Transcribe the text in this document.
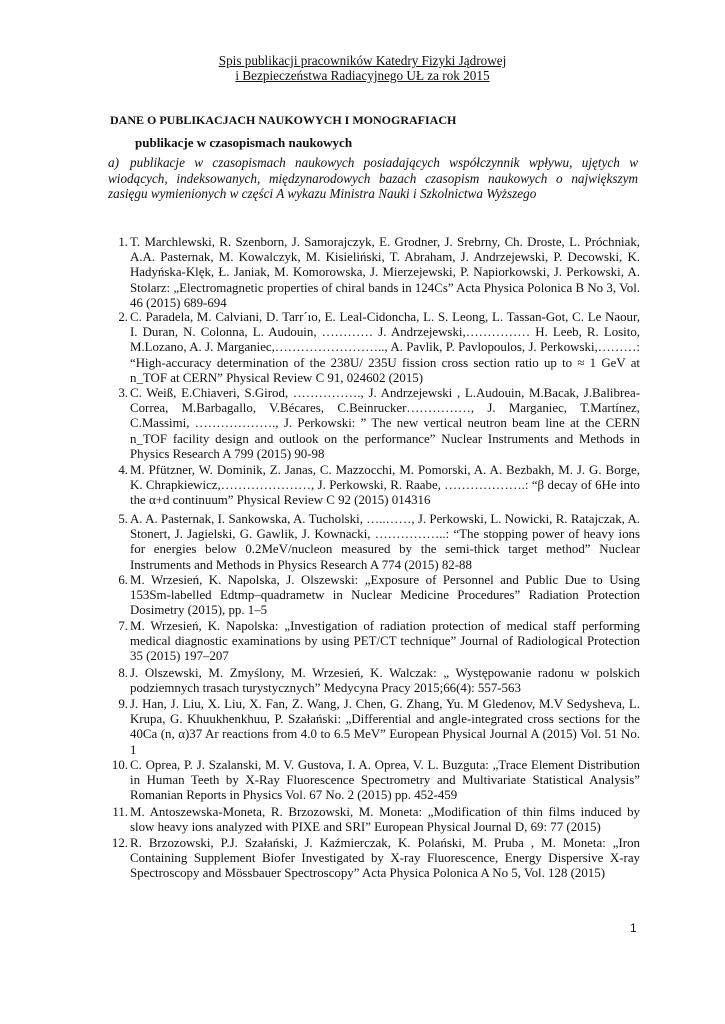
Spis publikacji pracowników Katedry Fizyki Jądrowej
i Bezpieczeństwa Radiacyjnego UŁ za rok 2015
DANE O PUBLIKACJACH NAUKOWYCH I MONOGRAFIACH
publikacje w czasopismach naukowych
a) publikacje w czasopismach naukowych posiadających współczynnik wpływu, ujętych w wiodących, indeksowanych, międzynarodowych bazach czasopism naukowych o największym zasięgu wymienionych w części A wykazu Ministra Nauki i Szkolnictwa Wyższego
1. T. Marchlewski, R. Szenborn, J. Samorajczyk, E. Grodner, J. Srebrny, Ch. Droste, L. Próchniak, A.A. Pasternak, M. Kowalczyk, M. Kisieliński, T. Abraham, J. Andrzejewski, P. Decowski, K. Hadyńska-Klęk, Ł. Janiak, M. Komorowska, J. Mierzejewski, P. Napiorkowski, J. Perkowski, A. Stolarz: „Electromagnetic properties of chiral bands in 124Cs” Acta Physica Polonica B No 3, Vol. 46 (2015) 689-694
2. C. Paradela, M. Calviani, D. Tarr´ıo, E. Leal-Cidoncha, L. S. Leong, L. Tassan-Got, C. Le Naour, I. Duran, N. Colonna, L. Audouin, ………… J. Andrzejewski,…………… H. Leeb, R. Losito, M.Lozano, A. J. Marganiec,…………………….., A. Pavlik, P. Pavlopoulos, J. Perkowski,………: “High-accuracy determination of the 238U/ 235U fission cross section ratio up to ≈ 1 GeV at n_TOF at CERN” Physical Review C 91, 024602 (2015)
3. C. Weiß, E.Chiaveri, S.Girod, ……………., J. Andrzejewski , L.Audouin, M.Bacak, J.Balibrea-Correa, M.Barbagallo, V.Bécares, C.Beinrucker……………, J. Marganiec, T.Martínez, C.Massimi, ………………., J. Perkowski: ” The new vertical neutron beam line at the CERN n_TOF facility design and outlook on the performance” Nuclear Instruments and Methods in Physics Research A 799 (2015) 90-98
4. M. Pfützner, W. Dominik, Z. Janas, C. Mazzocchi, M. Pomorski, A. A. Bezbakh, M. J. G. Borge, K. Chrapkiewicz,…………………, J. Perkowski, R. Raabe, ……………….: “β decay of 6He into the α+d continuum” Physical Review C 92 (2015) 014316
5. A. A. Pasternak, I. Sankowska, A. Tucholski, …..……, J. Perkowski, L. Nowicki, R. Ratajczak, A. Stonert, J. Jagielski, G. Gawlik, J. Kownacki, ……………..: “The stopping power of heavy ions for energies below 0.2MeV/nucleon measured by the semi-thick target method” Nuclear Instruments and Methods in Physics Research A 774 (2015) 82-88
6. M. Wrzesień, K. Napolska, J. Olszewski: „Exposure of Personnel and Public Due to Using 153Sm-labelled Edtmp–quadrametw in Nuclear Medicine Procedures” Radiation Protection Dosimetry (2015), pp. 1–5
7. M. Wrzesień, K. Napolska: „Investigation of radiation protection of medical staff performing medical diagnostic examinations by using PET/CT technique” Journal of Radiological Protection 35 (2015) 197–207
8. J. Olszewski, M. Zmyślony, M. Wrzesień, K. Walczak: „ Występowanie radonu w polskich podziemnych trasach turystycznych” Medycyna Pracy 2015;66(4): 557-563
9. J. Han, J. Liu, X. Liu, X. Fan, Z. Wang, J. Chen, G. Zhang, Yu. M Gledenov, M.V Sedysheva, L. Krupa, G. Khuukhenkhuu, P. Szałański: „Differential and angle-integrated cross sections for the 40Ca (n, α)37 Ar reactions from 4.0 to 6.5 MeV” European Physical Journal A (2015) Vol. 51 No. 1
10. C. Oprea, P. J. Szalanski, M. V. Gustova, I. A. Oprea, V. L. Buzguta: „Trace Element Distribution in Human Teeth by X-Ray Fluorescence Spectrometry and Multivariate Statistical Analysis” Romanian Reports in Physics Vol. 67 No. 2 (2015) pp. 452-459
11. M. Antoszewska-Moneta, R. Brzozowski, M. Moneta: „Modification of thin films induced by slow heavy ions analyzed with PIXE and SRI” European Physical Journal D, 69: 77 (2015)
12. R. Brzozowski, P.J. Szałański, J. Kaźmierczak, K. Polański, M. Pruba , M. Moneta: „Iron Containing Supplement Biofer Investigated by X-ray Fluorescence, Energy Dispersive X-ray Spectroscopy and Mössbauer Spectroscopy” Acta Physica Polonica A No 5, Vol. 128 (2015)
1
